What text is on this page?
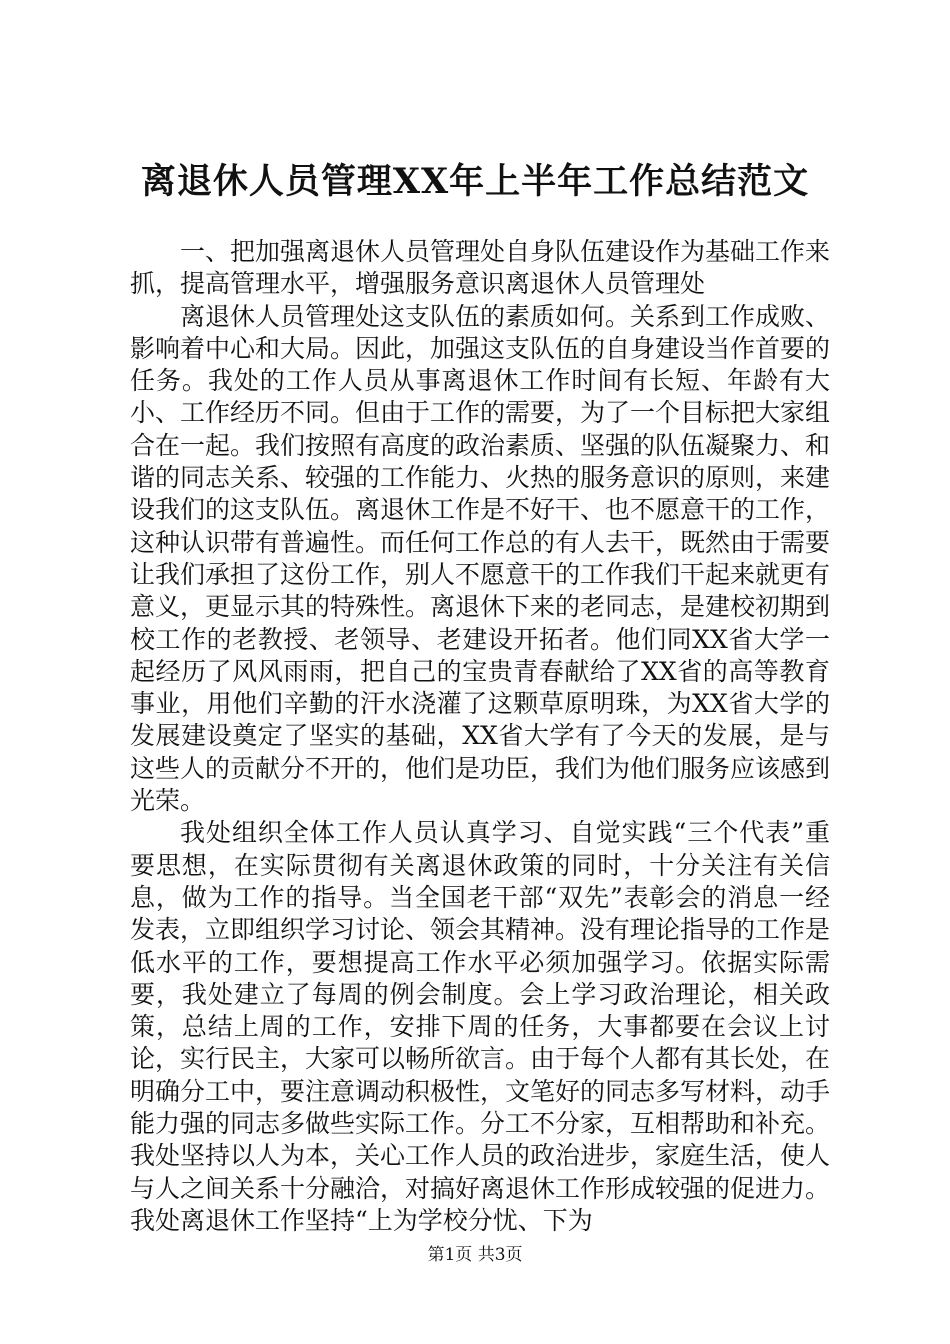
离退休人员管理XX年上半年工作总结范文

一、把加强离退休人员管理处自身队伍建设作为基础工作来抓，提高管理水平，增强服务意识离退休人员管理处

离退休人员管理处这支队伍的素质如何。关系到工作成败、影响着中心和大局。因此，加强这支队伍的自身建设当作首要的任务。我处的工作人员从事离退休工作时间有长短、年龄有大小、工作经历不同。但由于工作的需要，为了一个目标把大家组合在一起。我们按照有高度的政治素质、坚强的队伍凝聚力、和谐的同志关系、较强的工作能力、火热的服务意识的原则，来建设我们的这支队伍。离退休工作是不好干、也不愿意干的工作，这种认识带有普遍性。而任何工作总的有人去干，既然由于需要让我们承担了这份工作，别人不愿意干的工作我们干起来就更有意义，更显示其的特殊性。离退休下来的老同志，是建校初期到校工作的老教授、老领导、老建设开拓者。他们同XX省大学一起经历了风风雨雨，把自己的宝贵青春献给了XX省的高等教育事业，用他们辛勤的汗水浇灌了这颗草原明珠，为XX省大学的发展建设奠定了坚实的基础，XX省大学有了今天的发展，是与这些人的贡献分不开的，他们是功臣，我们为他们服务应该感到光荣。

我处组织全体工作人员认真学习、自觉实践“三个代表”重要思想，在实际贯彻有关离退休政策的同时，十分关注有关信息，做为工作的指导。当全国老干部“双先”表彰会的消息一经发表，立即组织学习讨论、领会其精神。没有理论指导的工作是低水平的工作，要想提高工作水平必须加强学习。依据实际需要，我处建立了每周的例会制度。会上学习政治理论，相关政策，总结上周的工作，安排下周的任务，大事都要在会议上讨论，实行民主，大家可以畅所欲言。由于每个人都有其长处，在明确分工中，要注意调动积极性，文笔好的同志多写材料，动手能力强的同志多做些实际工作。分工不分家，互相帮助和补充。我处坚持以人为本，关心工作人员的政治进步，家庭生活，使人与人之间关系十分融洽，对搞好离退休工作形成较强的促进力。我处离退休工作坚持“上为学校分忧、下为

第1页 共3页
